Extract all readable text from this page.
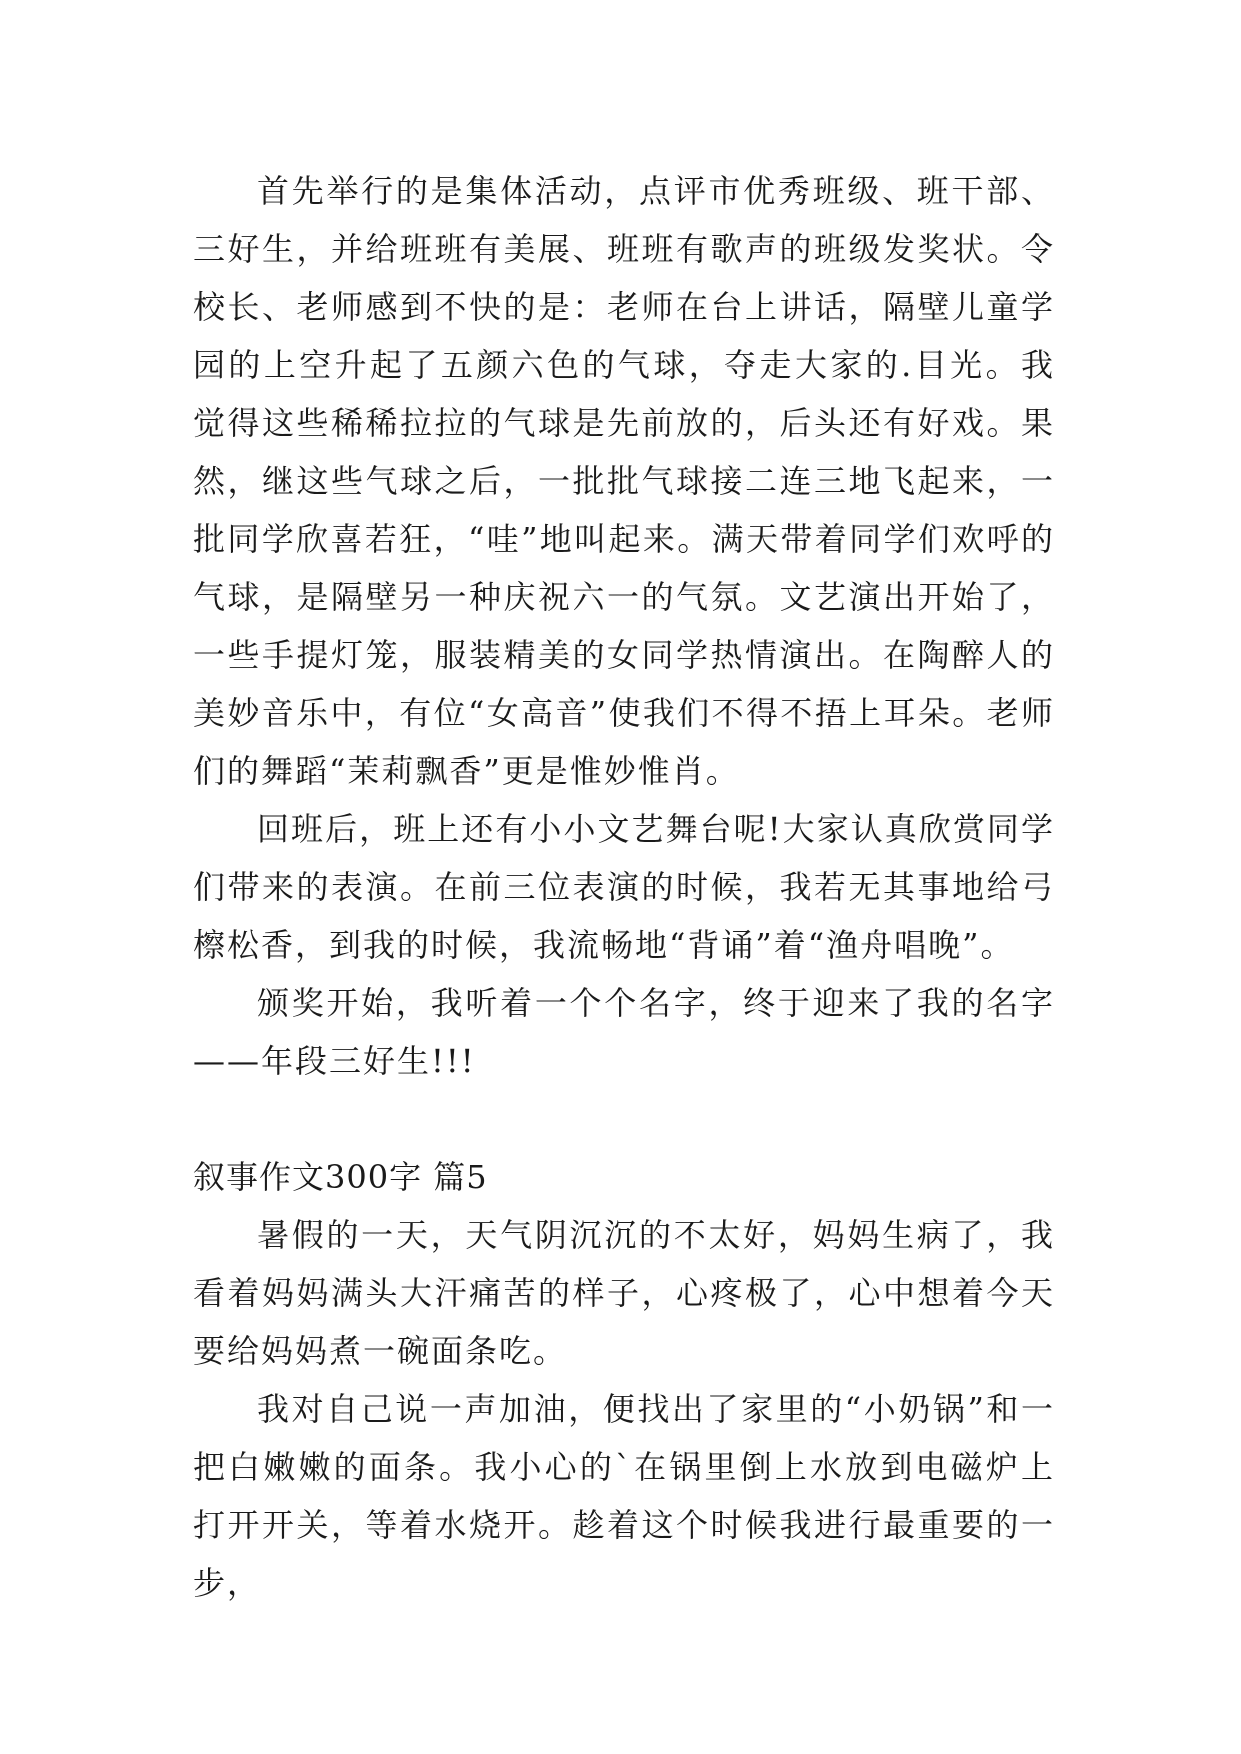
首先举行的是集体活动，点评市优秀班级、班干部、三好生，并给班班有美展、班班有歌声的班级发奖状。令校长、老师感到不快的是：老师在台上讲话，隔壁儿童学园的上空升起了五颜六色的气球，夺走大家的.目光。我觉得这些稀稀拉拉的气球是先前放的，后头还有好戏。果然，继这些气球之后，一批批气球接二连三地飞起来，一批同学欣喜若狂，“哇”地叫起来。满天带着同学们欢呼的气球，是隔壁另一种庆祝六一的气氛。文艺演出开始了，一些手提灯笼，服装精美的女同学热情演出。在陶醉人的美妙音乐中，有位“女高音”使我们不得不捂上耳朵。老师们的舞蹈“茉莉飘香”更是惟妙惟肖。

回班后，班上还有小小文艺舞台呢!大家认真欣赏同学们带来的表演。在前三位表演的时候，我若无其事地给弓檫松香，到我的时候，我流畅地“背诵”着“渔舟唱晚”。

颁奖开始，我听着一个个名字，终于迎来了我的名字——年段三好生!!!

叙事作文300字 篇5

暑假的一天，天气阴沉沉的不太好，妈妈生病了，我看着妈妈满头大汗痛苦的样子，心疼极了，心中想着今天要给妈妈煮一碗面条吃。

我对自己说一声加油，便找出了家里的“小奶锅”和一把白嫩嫩的面条。我小心的`在锅里倒上水放到电磁炉上打开开关，等着水烧开。趁着这个时候我进行最重要的一步，
